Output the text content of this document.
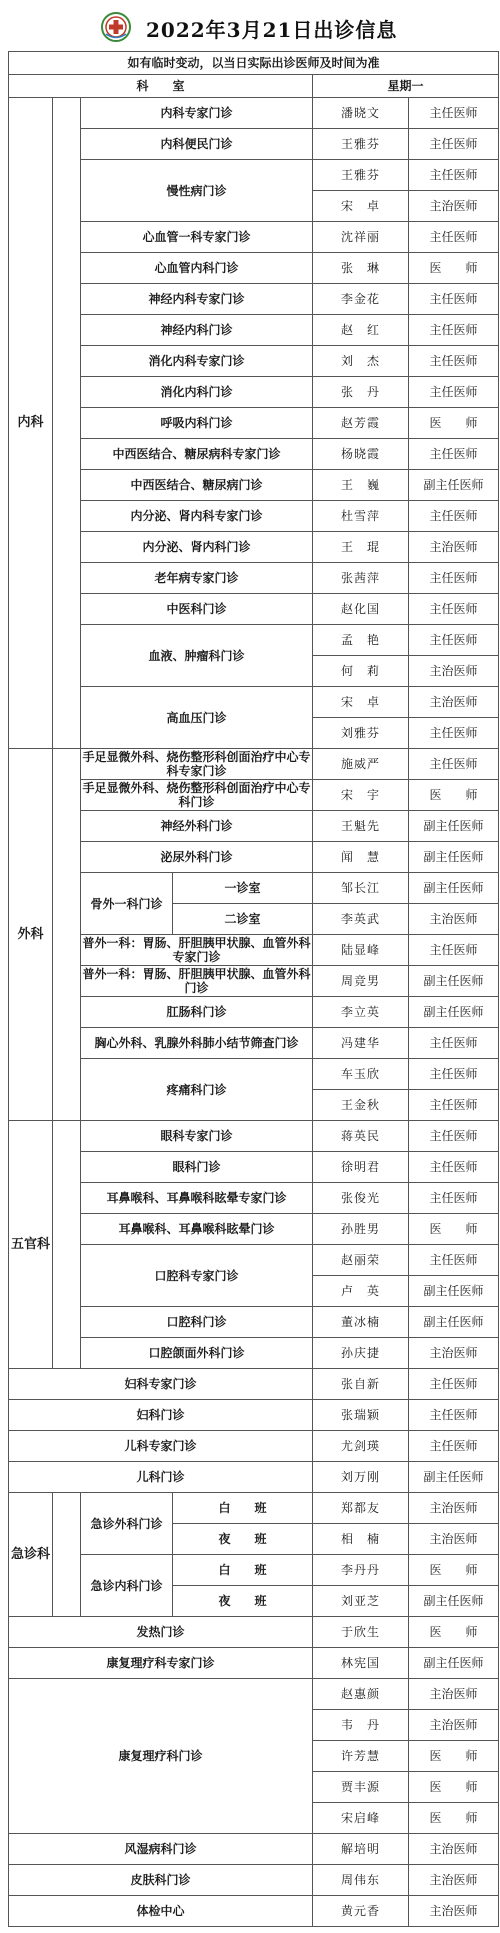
2022年3月21日出诊信息
如有临时变动，以当日实际出诊医师及时间为准					
科　　室				星期一	
内科		内科专家门诊		潘晓文	主任医师
		内科便民门诊		王雅芬	主任医师
		慢性病门诊		王雅芬	主任医师
				宋　卓	主治医师
		心血管一科专家门诊		沈祥丽	主任医师
		心血管内科门诊		张　琳	医　　师
		神经内科专家门诊		李金花	主任医师
		神经内科门诊		赵　红	主任医师
		消化内科专家门诊		刘　杰	主任医师
		消化内科门诊		张　丹	主任医师
		呼吸内科门诊		赵芳霞	医　　师
		中西医结合、糖尿病科专家门诊		杨晓霞	主任医师
		中西医结合、糖尿病门诊		王　巍	副主任医师
		内分泌、肾内科专家门诊		杜雪萍	主任医师
		内分泌、肾内科门诊		王　琨	主治医师
		老年病专家门诊		张茜萍	主任医师
		中医科门诊		赵化国	主任医师
		血液、肿瘤科门诊		孟　艳	主任医师
				何　莉	主治医师
		高血压门诊		宋　卓	主治医师
				刘雅芬	主任医师
外科		手足显微外科、烧伤整形科创面治疗中心专科专家门诊		施威严	主任医师
		手足显微外科、烧伤整形科创面治疗中心专科门诊		宋　宇	医　　师
		神经外科门诊		王魁先	副主任医师
		泌尿外科门诊		闻　慧	副主任医师
		骨外一科门诊	一诊室	邹长江	副主任医师
			二诊室	李英武	主治医师
		普外一科：胃肠、肝胆胰甲状腺、血管外科专家门诊		陆显峰	主任医师
		普外一科：胃肠、肝胆胰甲状腺、血管外科门诊		周竞男	副主任医师
		肛肠科门诊		李立英	副主任医师
		胸心外科、乳腺外科肺小结节筛查门诊		冯建华	主任医师
		疼痛科门诊		车玉欣	主任医师
				王金秋	主任医师
五官科		眼科专家门诊		蒋英民	主任医师
		眼科门诊		徐明君	主任医师
		耳鼻喉科、耳鼻喉科眩晕专家门诊		张俊光	主任医师
		耳鼻喉科、耳鼻喉科眩晕门诊		孙胜男	医　　师
		口腔科专家门诊		赵丽荣	主任医师
				卢　英	副主任医师
		口腔科门诊		董冰楠	副主任医师
		口腔颌面外科门诊		孙庆捷	主治医师
妇科专家门诊				张自新	主任医师
妇科门诊				张瑞颖	主任医师
儿科专家门诊				尤剑瑛	主任医师
儿科门诊				刘万刚	副主任医师
急诊科		急诊外科门诊	白　　班	郑都友	主治医师
			夜　　班	相　楠	主治医师
		急诊内科门诊	白　　班	李丹丹	医　　师
			夜　　班	刘亚芝	副主任医师
发热门诊				于欣生	医　　师
康复理疗科专家门诊				林宪国	副主任医师
康复理疗科门诊				赵惠颜	主治医师
				韦　丹	主治医师
				许芳慧	医　　师
				贾丰源	医　　师
				宋启峰	医　　师
风湿病科门诊				解培明	主治医师
皮肤科门诊				周伟东	主治医师
体检中心				黄元香	主治医师
